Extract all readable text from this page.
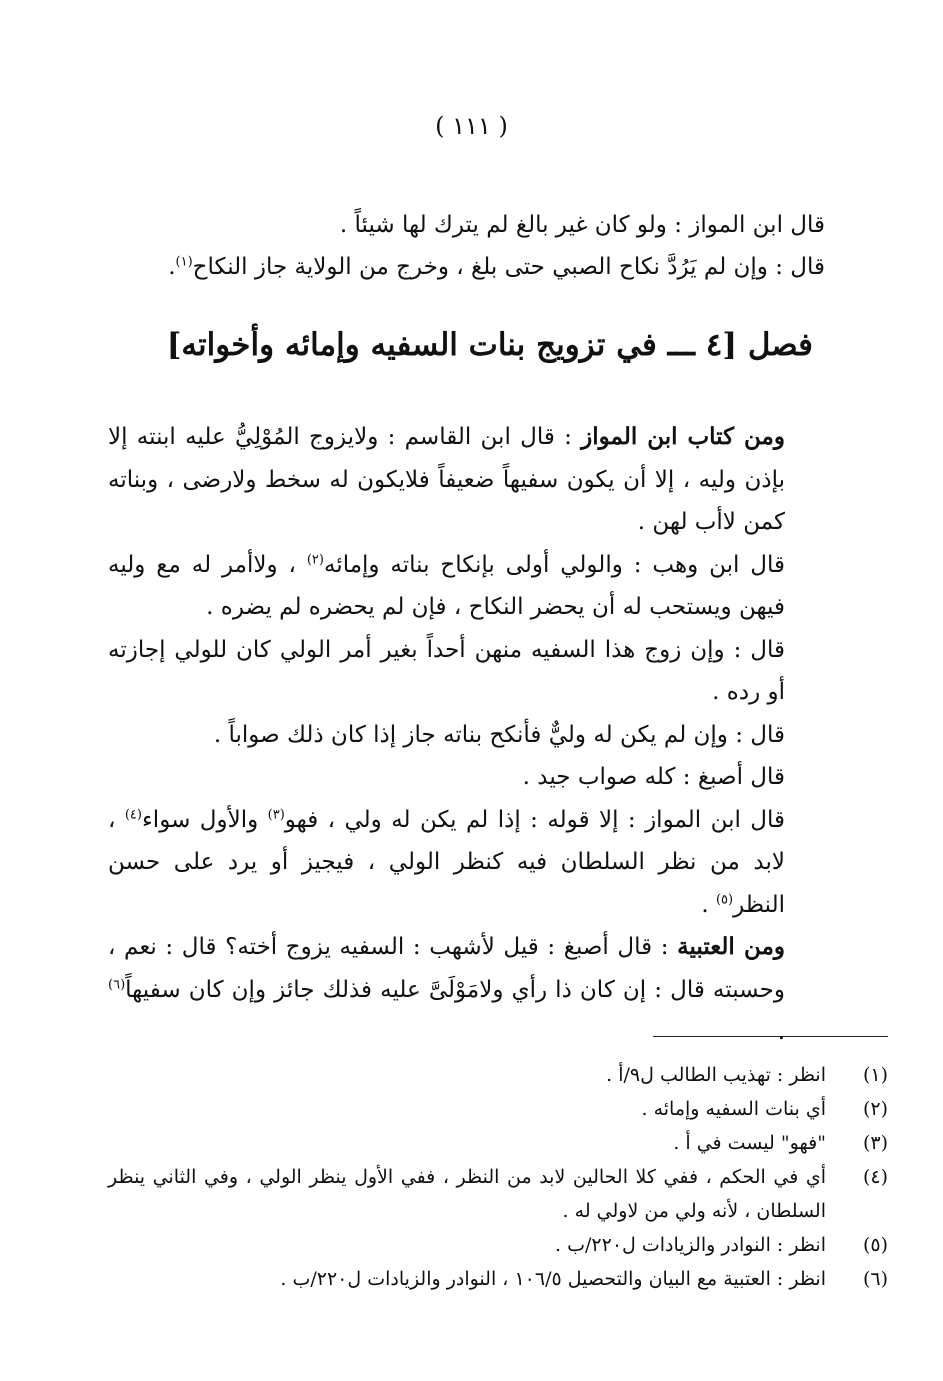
( ١١١ )

قال ابن المواز : ولو كان غير بالغ لم يترك لها شيئاً .

قال : وإن لم يَرُدَّ نكاح الصبي حتى بلغ ، وخرج من الولاية جاز النكاح$^{(١)}$.

فصل [٤ ـــ في تزويج بنات السفيه وإمائه وأخواته]

ومن كتاب ابن المواز : قال ابن القاسم : ولايزوج المُوْلِيُّ عليه ابنته إلا بإذن وليه ، إلا أن يكون سفيهاً ضعيفاً فلايكون له سخط ولارضى ، وبناته كمن لاأب لهن .

قال ابن وهب : والولي أولى بإنكاح بناته وإمائه$^{(٢)}$ ، ولاأمر له مع وليه فيهن ويستحب له أن يحضر النكاح ، فإن لم يحضره لم يضره .

قال : وإن زوج هذا السفيه منهن أحداً بغير أمر الولي كان للولي إجازته أو رده .

قال : وإن لم يكن له وليٌّ فأنكح بناته جاز إذا كان ذلك صواباً .

قال أصبغ : كله صواب جيد .

قال ابن المواز : إلا قوله : إذا لم يكن له ولي ، فهو$^{(٣)}$ والأول سواء$^{(٤)}$ ، لابد من نظر السلطان فيه كنظر الولي ، فيجيز أو يرد على حسن النظر$^{(٥)}$ .

ومن العتبية : قال أصبغ : قيل لأشهب : السفيه يزوج أخته؟ قال : نعم ، وحسبته قال : إن كان ذا رأي ولامَوْلَىَّ عليه فذلك جائز وإن كان سفيهاً$^{(٦)}$ .

(١)
انظر : تهذيب الطالب ل٩/أ .
(٢)
أي بنات السفيه وإمائه .
(٣)
"فهو" ليست في أ .
(٤)
أي في الحكم ، ففي كلا الحالين لابد من النظر ، ففي الأول ينظر الولي ، وفي الثاني ينظر السلطان ، لأنه ولي من لاولي له .
(٥)
انظر : النوادر والزيادات ل٢٢٠/ب .
(٦)
انظر : العتبية مع البيان والتحصيل ١٠٦/٥ ، النوادر والزيادات ل٢٢٠/ب .
